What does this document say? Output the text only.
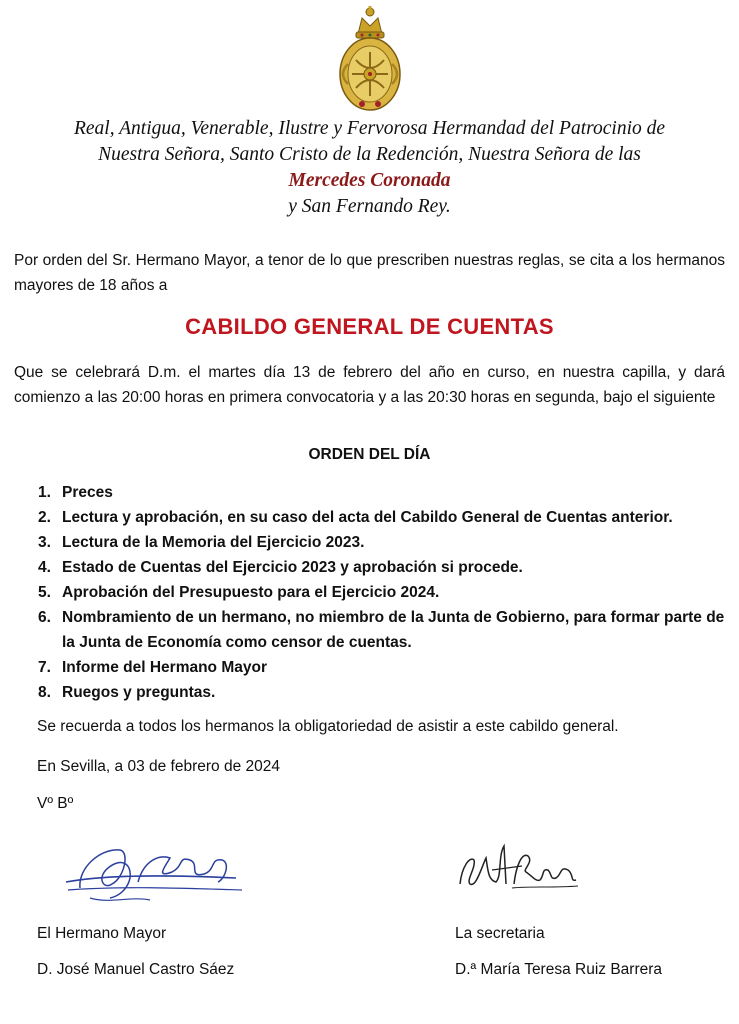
Real, Antigua, Venerable, Ilustre y Fervorosa Hermandad del Patrocinio de
Nuestra Señora, Santo Cristo de la Redención, Nuestra Señora de las
Mercedes Coronada
y San Fernando Rey.
Por orden del Sr. Hermano Mayor, a tenor de lo que prescriben nuestras reglas, se cita a los hermanos mayores de 18 años a
CABILDO GENERAL DE CUENTAS
Que se celebrará D.m. el martes día 13 de febrero del año en curso, en nuestra capilla, y dará comienzo a las 20:00 horas en primera convocatoria y a las 20:30 horas en segunda, bajo el siguiente
ORDEN DEL DÍA
1. Preces
2. Lectura y aprobación, en su caso del acta del Cabildo General de Cuentas anterior.
3. Lectura de la Memoria del Ejercicio 2023.
4. Estado de Cuentas del Ejercicio 2023 y aprobación si procede.
5. Aprobación del Presupuesto para el Ejercicio 2024.
6. Nombramiento de un hermano, no miembro de la Junta de Gobierno, para formar parte de la Junta de Economía como censor de cuentas.
7. Informe del Hermano Mayor
8. Ruegos y preguntas.
Se recuerda a todos los hermanos la obligatoriedad de asistir a este cabildo general.
En Sevilla, a 03 de febrero de 2024
Vº Bº
El Hermano Mayor
D. José Manuel Castro Sáez
La secretaria
D.ª María Teresa Ruiz Barrera
